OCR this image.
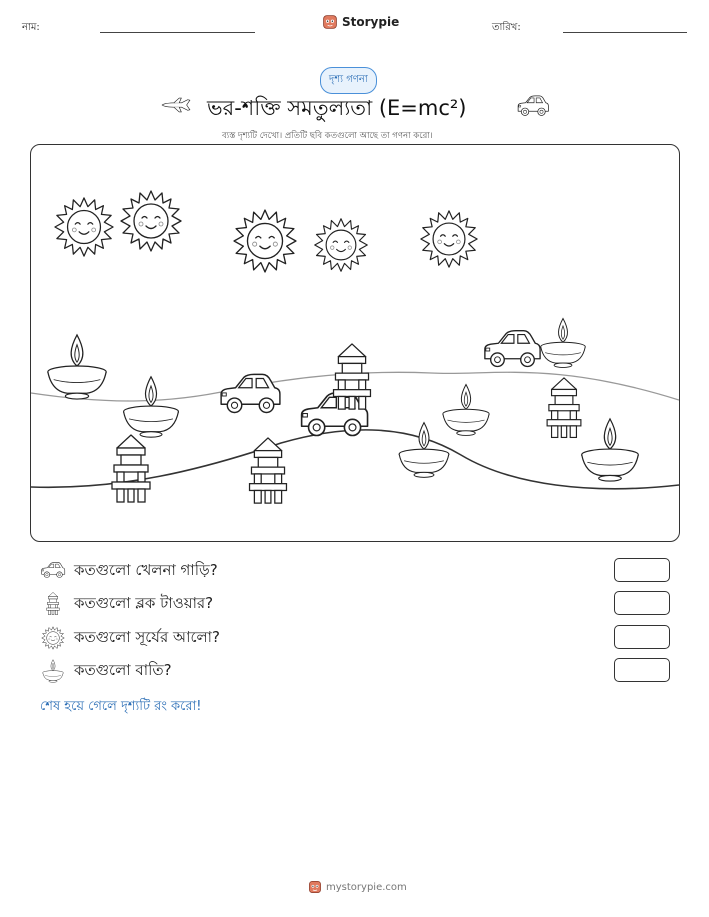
নাম:	Storypie	তারিখ:
দৃশ্য গণনা
ভর-শক্তি সমতুল্যতা (E=mc²)
ব্যস্ত দৃশ্যটি দেখো। প্রতিটি ছবি কতগুলো আছে তা গণনা করো।
কতগুলো খেলনা গাড়ি?
কতগুলো ব্লক টাওয়ার?
কতগুলো সূর্যের আলো?
কতগুলো বাতি?
শেষ হয়ে গেলে দৃশ্যটি রং করো!
mystorypie.com
